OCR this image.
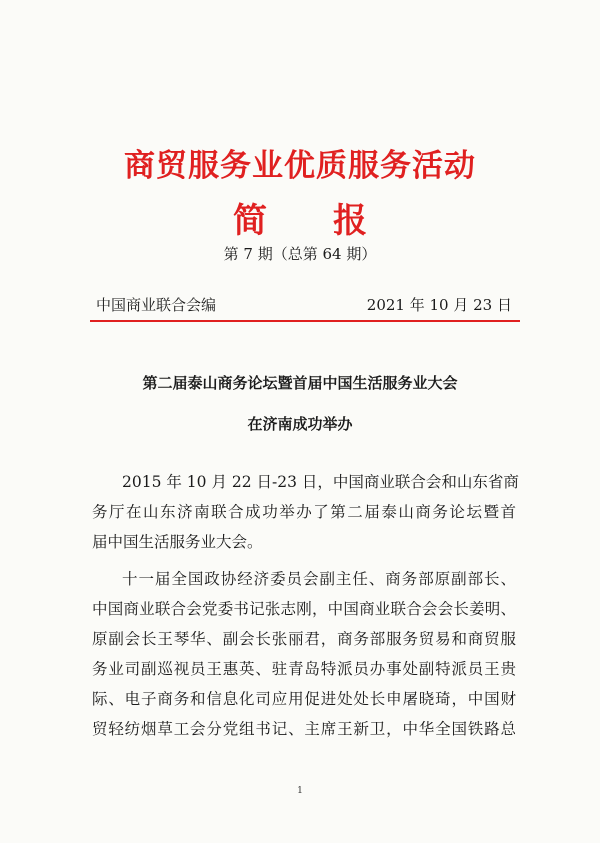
商贸服务业优质服务活动
简 报
第 7 期（总第 64 期）
中国商业联合会编	2021 年 10 月 23 日
第二届泰山商务论坛暨首届中国生活服务业大会
在济南成功举办
2015 年 10 月 22 日-23 日，中国商业联合会和山东省商
务厅在山东济南联合成功举办了第二届泰山商务论坛暨首
届中国生活服务业大会。
十一届全国政协经济委员会副主任、商务部原副部长、
中国商业联合会党委书记张志刚，中国商业联合会会长姜明、
原副会长王琴华、副会长张丽君，商务部服务贸易和商贸服
务业司副巡视员王惠英、驻青岛特派员办事处副特派员王贵
际、电子商务和信息化司应用促进处处长申屠晓琦，中国财
贸轻纺烟草工会分党组书记、主席王新卫，中华全国铁路总
1
